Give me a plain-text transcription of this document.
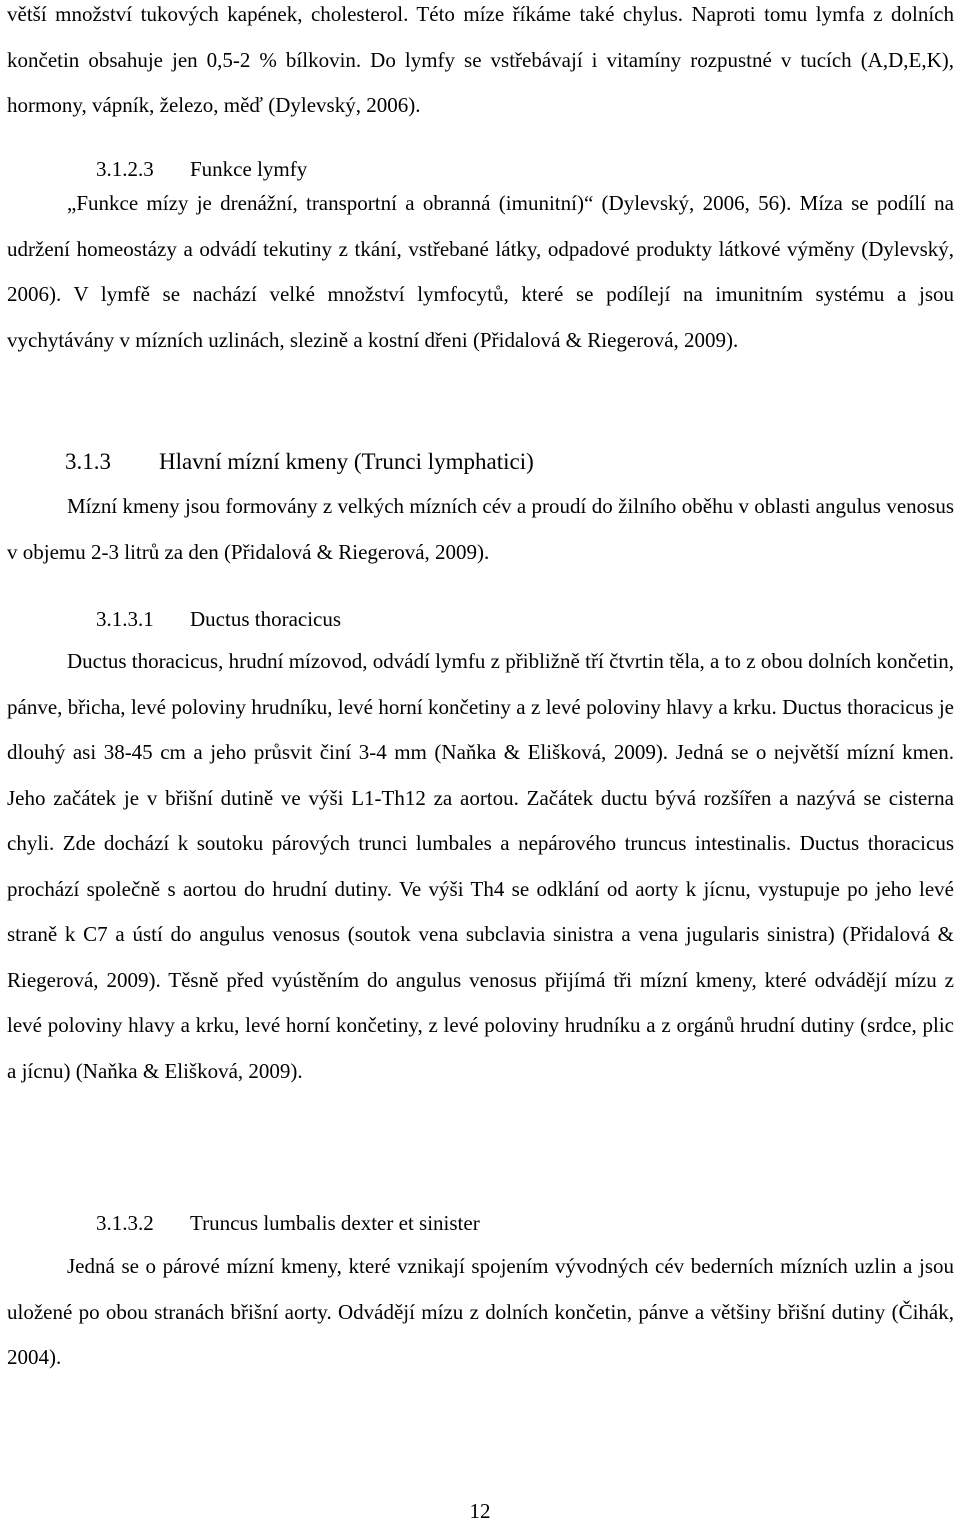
větší množství tukových kapének, cholesterol. Této míze říkáme také chylus. Naproti tomu lymfa z dolních končetin obsahuje jen 0,5-2 % bílkovin. Do lymfy se vstřebávají i vitamíny rozpustné v tucích (A,D,E,K), hormony, vápník, železo, měď (Dylevský, 2006).

3.1.2.3 Funkce lymfy

„Funkce mízy je drenážní, transportní a obranná (imunitní)“ (Dylevský, 2006, 56). Míza se podílí na udržení homeostázy a odvádí tekutiny z tkání, vstřebané látky, odpadové produkty látkové výměny (Dylevský, 2006). V lymfě se nachází velké množství lymfocytů, které se podílejí na imunitním systému a jsou vychytávány v mízních uzlinách, slezině a kostní dřeni (Přidalová & Riegerová, 2009).

3.1.3 Hlavní mízní kmeny (Trunci lymphatici)

Mízní kmeny jsou formovány z velkých mízních cév a proudí do žilního oběhu v oblasti angulus venosus v objemu 2-3 litrů za den (Přidalová & Riegerová, 2009).

3.1.3.1 Ductus thoracicus

Ductus thoracicus, hrudní mízovod, odvádí lymfu z přibližně tří čtvrtin těla, a to z obou dolních končetin, pánve, břicha, levé poloviny hrudníku, levé horní končetiny a z levé poloviny hlavy a krku. Ductus thoracicus je dlouhý asi 38-45 cm a jeho průsvit činí 3-4 mm (Naňka & Elišková, 2009). Jedná se o největší mízní kmen. Jeho začátek je v břišní dutině ve výši L1-Th12 za aortou. Začátek ductu bývá rozšířen a nazývá se cisterna chyli. Zde dochází k soutoku párových trunci lumbales a nepárového truncus intestinalis. Ductus thoracicus prochází společně s aortou do hrudní dutiny. Ve výši Th4 se odklání od aorty k jícnu, vystupuje po jeho levé straně k C7 a ústí do angulus venosus (soutok vena subclavia sinistra a vena jugularis sinistra) (Přidalová & Riegerová, 2009). Těsně před vyústěním do angulus venosus přijímá tři mízní kmeny, které odvádějí mízu z levé poloviny hlavy a krku, levé horní končetiny, z levé poloviny hrudníku a z orgánů hrudní dutiny (srdce, plic a jícnu) (Naňka & Elišková, 2009).

3.1.3.2 Truncus lumbalis dexter et sinister

Jedná se o párové mízní kmeny, které vznikají spojením vývodných cév bederních mízních uzlin a jsou uložené po obou stranách břišní aorty. Odvádějí mízu z dolních končetin, pánve a většiny břišní dutiny (Čihák, 2004).

12
